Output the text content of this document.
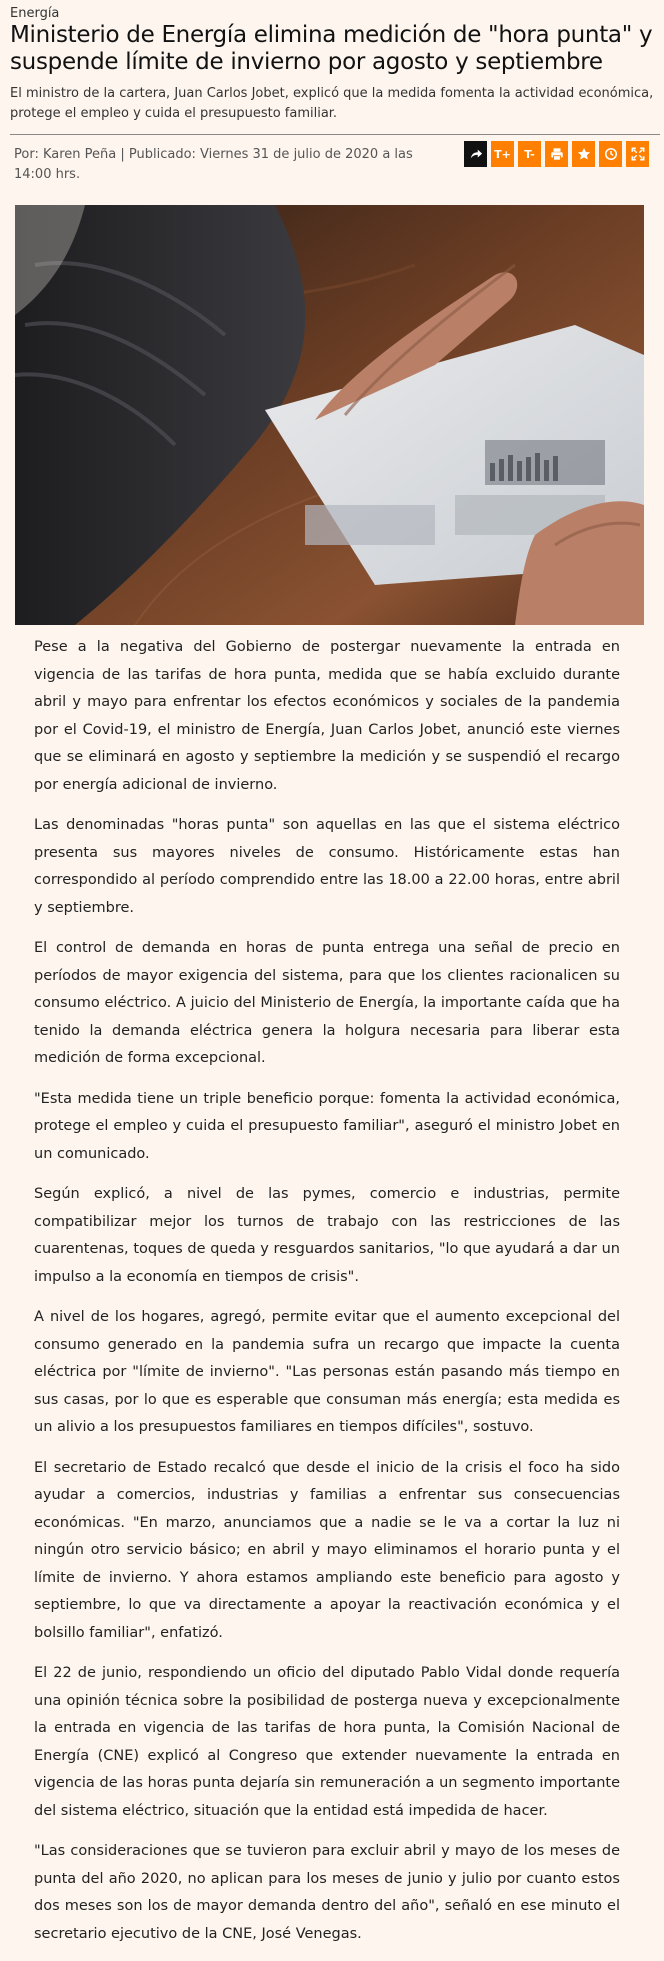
Energía
Ministerio de Energía elimina medición de "hora punta" y suspende límite de invierno por agosto y septiembre

El ministro de la cartera, Juan Carlos Jobet, explicó que la medida fomenta la actividad económica, protege el empleo y cuida el presupuesto familiar.

Por: Karen Peña | Publicado: Viernes 31 de julio de 2020 a las 14:00 hrs.
T+	T-

Pese a la negativa del Gobierno de postergar nuevamente la entrada en vigencia de las tarifas de hora punta, medida que se había excluido durante abril y mayo para enfrentar los efectos económicos y sociales de la pandemia por el Covid-19, el ministro de Energía, Juan Carlos Jobet, anunció este viernes que se eliminará en agosto y septiembre la medición y se suspendió el recargo por energía adicional de invierno.

Las denominadas "horas punta" son aquellas en las que el sistema eléctrico presenta sus mayores niveles de consumo. Históricamente estas han correspondido al período comprendido entre las 18.00 a 22.00 horas, entre abril y septiembre.

El control de demanda en horas de punta entrega una señal de precio en períodos de mayor exigencia del sistema, para que los clientes racionalicen su consumo eléctrico. A juicio del Ministerio de Energía, la importante caída que ha tenido la demanda eléctrica genera la holgura necesaria para liberar esta medición de forma excepcional.

"Esta medida tiene un triple beneficio porque: fomenta la actividad económica, protege el empleo y cuida el presupuesto familiar", aseguró el ministro Jobet en un comunicado.

Según explicó, a nivel de las pymes, comercio e industrias, permite compatibilizar mejor los turnos de trabajo con las restricciones de las cuarentenas, toques de queda y resguardos sanitarios, "lo que ayudará a dar un impulso a la economía en tiempos de crisis".

A nivel de los hogares, agregó, permite evitar que el aumento excepcional del consumo generado en la pandemia sufra un recargo que impacte la cuenta eléctrica por "límite de invierno". "Las personas están pasando más tiempo en sus casas, por lo que es esperable que consuman más energía; esta medida es un alivio a los presupuestos familiares en tiempos difíciles", sostuvo.

El secretario de Estado recalcó que desde el inicio de la crisis el foco ha sido ayudar a comercios, industrias y familias a enfrentar sus consecuencias económicas. "En marzo, anunciamos que a nadie se le va a cortar la luz ni ningún otro servicio básico; en abril y mayo eliminamos el horario punta y el límite de invierno. Y ahora estamos ampliando este beneficio para agosto y septiembre, lo que va directamente a apoyar la reactivación económica y el bolsillo familiar", enfatizó.

El 22 de junio, respondiendo un oficio del diputado Pablo Vidal donde requería una opinión técnica sobre la posibilidad de posterga nueva y excepcionalmente la entrada en vigencia de las tarifas de hora punta, la Comisión Nacional de Energía (CNE) explicó al Congreso que extender nuevamente la entrada en vigencia de las horas punta dejaría sin remuneración a un segmento importante del sistema eléctrico, situación que la entidad está impedida de hacer.

"Las consideraciones que se tuvieron para excluir abril y mayo de los meses de punta del año 2020, no aplican para los meses de junio y julio por cuanto estos dos meses son los de mayor demanda dentro del año", señaló en ese minuto el secretario ejecutivo de la CNE, José Venegas.
